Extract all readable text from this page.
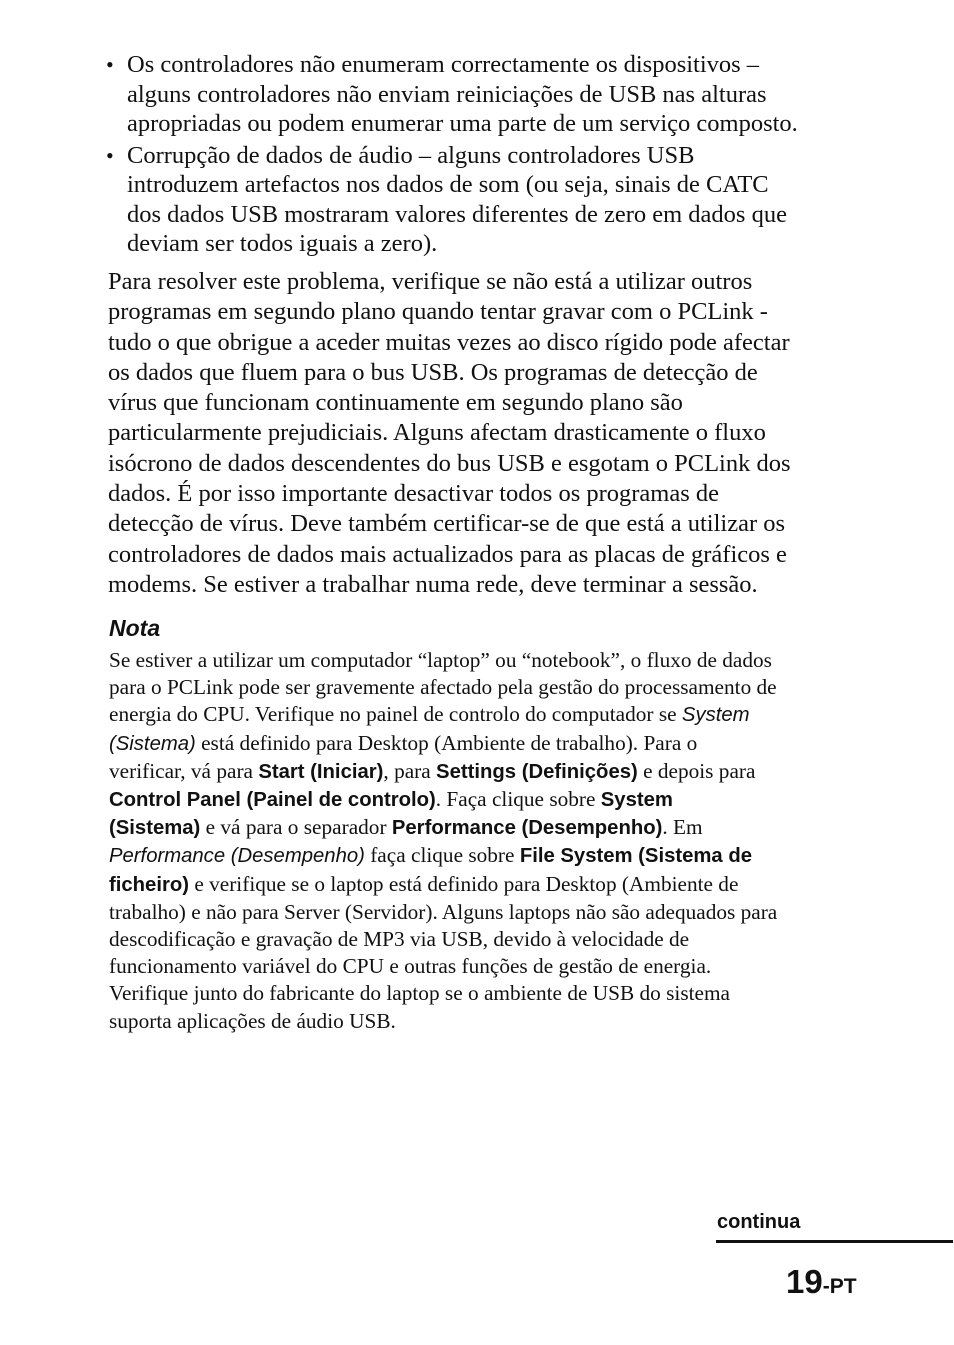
• Os controladores não enumeram correctamente os dispositivos –
alguns controladores não enviam reiniciações de USB nas alturas
apropriadas ou podem enumerar uma parte de um serviço composto.
• Corrupção de dados de áudio – alguns controladores USB
introduzem artefactos nos dados de som (ou seja, sinais de CATC
dos dados USB mostraram valores diferentes de zero em dados que
deviam ser todos iguais a zero).

Para resolver este problema, verifique se não está a utilizar outros
programas em segundo plano quando tentar gravar com o PCLink -
tudo o que obrigue a aceder muitas vezes ao disco rígido pode afectar
os dados que fluem para o bus USB. Os programas de detecção de
vírus que funcionam continuamente em segundo plano são
particularmente prejudiciais. Alguns afectam drasticamente o fluxo
isócrono de dados descendentes do bus USB e esgotam o PCLink dos
dados. É por isso importante desactivar todos os programas de
detecção de vírus. Deve também certificar-se de que está a utilizar os
controladores de dados mais actualizados para as placas de gráficos e
modems. Se estiver a trabalhar numa rede, deve terminar a sessão.

Nota

Se estiver a utilizar um computador “laptop” ou “notebook”, o fluxo de dados
para o PCLink pode ser gravemente afectado pela gestão do processamento de
energia do CPU. Verifique no painel de controlo do computador se System
(Sistema) está definido para Desktop (Ambiente de trabalho). Para o
verificar, vá para Start (Iniciar), para Settings (Definições) e depois para
Control Panel (Painel de controlo). Faça clique sobre System
(Sistema) e vá para o separador Performance (Desempenho). Em
Performance (Desempenho) faça clique sobre File System (Sistema de
ficheiro) e verifique se o laptop está definido para Desktop (Ambiente de
trabalho) e não para Server (Servidor). Alguns laptops não são adequados para
descodificação e gravação de MP3 via USB, devido à velocidade de
funcionamento variável do CPU e outras funções de gestão de energia.
Verifique junto do fabricante do laptop se o ambiente de USB do sistema
suporta aplicações de áudio USB.

continua
19-PT
